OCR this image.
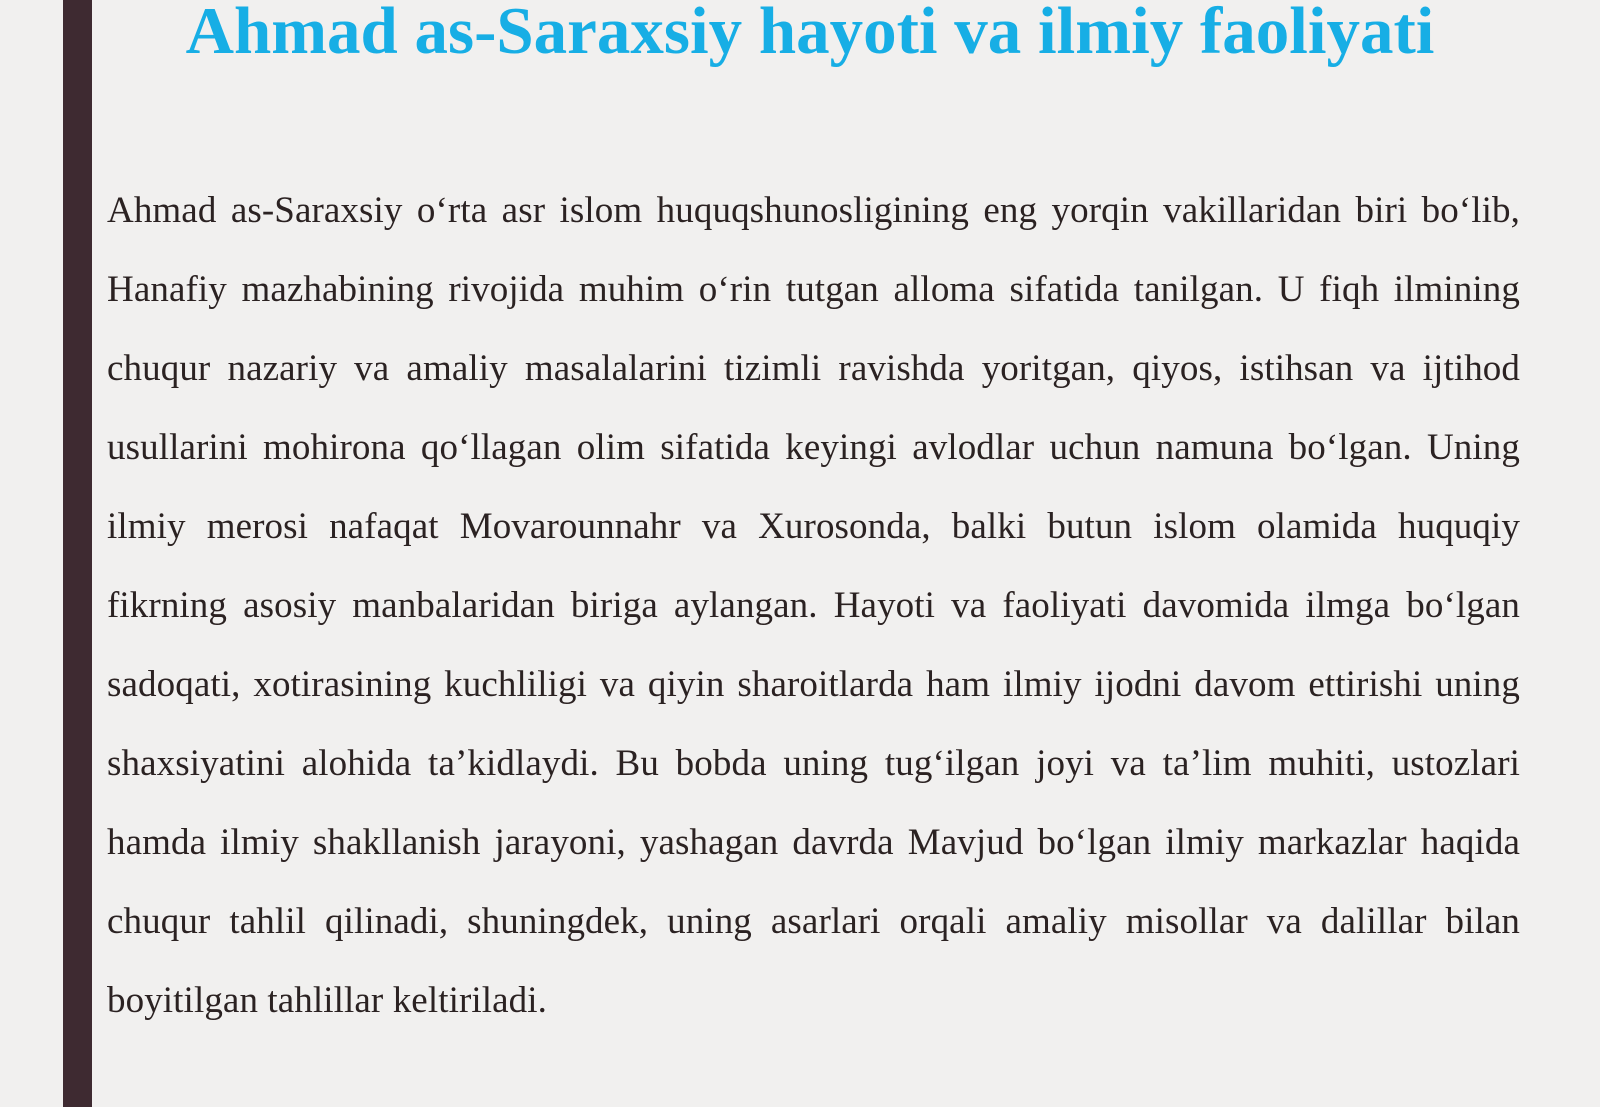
Ahmad as-Saraxsiy hayoti va ilmiy faoliyati

Ahmad as-Saraxsiy o‘rta asr islom huquqshunosligining eng yorqin vakillaridan biri bo‘lib, Hanafiy mazhabining rivojida muhim o‘rin tutgan alloma sifatida tanilgan. U fiqh ilmining chuqur nazariy va amaliy masalalarini tizimli ravishda yoritgan, qiyos, istihsan va ijtihod usullarini mohirona qo‘llagan olim sifatida keyingi avlodlar uchun namuna bo‘lgan. Uning ilmiy merosi nafaqat Movarounnahr va Xurosonda, balki butun islom olamida huquqiy fikrning asosiy manbalaridan biriga aylangan. Hayoti va faoliyati davomida ilmga bo‘lgan sadoqati, xotirasining kuchliligi va qiyin sharoitlarda ham ilmiy ijodni davom ettirishi uning shaxsiyatini alohida ta’kidlaydi. Bu bobda uning tug‘ilgan joyi va ta’lim muhiti, ustozlari hamda ilmiy shakllanish jarayoni, yashagan davrda Mavjud bo‘lgan ilmiy markazlar haqida chuqur tahlil qilinadi, shuningdek, uning asarlari orqali amaliy misollar va dalillar bilan boyitilgan tahlillar keltiriladi.
